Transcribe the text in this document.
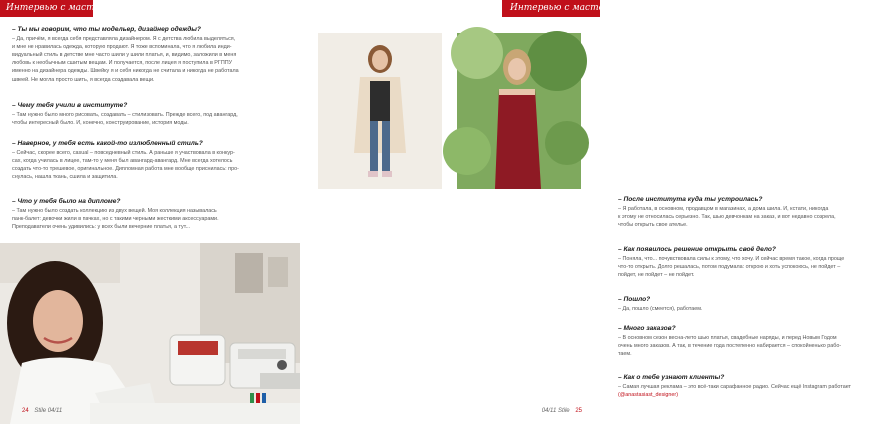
Интервью с мастером
– Ты мы говорим, что ты модельер, дизайнер одежды?
– Да, причём, я всегда себя представляла дизайнером. Я с детства любила выделяться,
и мне не нравилась одежда, которую продают. Я тоже вспоминала, что я любила инди-
видуальный стиль в детстве мне часто шили у шили платья, и, видимо, заложили в меня
любовь к необычным сшитым вещам. И получается, после лицея я поступила в РГППУ
именно на дизайнера одежды. Швейку я и себя никогда не считала и никогда не работала
швеей. Не могла просто шить, я всегда создавала вещи.
– Чему тебя учили в институте?
– Там нужно было много рисовать, создавать – стилизовать. Прежде всего, под авангард,
чтобы интересный было. И, конечно, конструирование, история моды.
– Наверное, у тебя есть какой-то излюбленный стиль?
– Сейчас, скорее всего, casual – повседневный стиль. А раньше я участвовала в конкур-
сах, когда училась в лицее, там-то у меня был авангард-авангард. Мне всегда хотелось
создать что-то трешевое, оригинальное. Дипломная работа мне вообще приснилась: про-
снулась, нашла ткань, сшила и защитила.
– Что у тебя было на дипломе?
– Там нужно было создать коллекцию из двух вещей. Моя коллекция называлась
панк-балет: девочки жили в пачках, но с такими черными жесткими аксессуарами.
Преподаватели очень удивились: у всех были вечерние платья, а тут...
24 Stile 04/11
Интервью с мастером
– После института куда ты устроилась?
– Я работала, в основном, продавцом в магазинах, а дома шила. И, кстати, никогда
к этому не относилась серьезно. Так, шью девчонкам на заказ, и вот недавно созрела,
чтобы открыть свое ателье.
– Как появилось решение открыть своё дело?
– Поняла, что... почувствовала силы к этому, что хочу. И сейчас время такое, когда проще
что-то открыть. Долго решалась, потом подумала: открою и хоть успокоюсь, не пойдет –
пойдет, не пойдет – не пойдет.
– Пошло?
– Да, пошло (смеется), работаем.
– Много заказов?
– В основном сезон весна-лето шью платья, свадебные наряды, и перед Новым Годом
очень много заказов. А так, в течение года постепенно набирается – спокойненько рабо-
таем.
– Как о тебе узнают клиенты?
– Самая лучшая реклама – это всё-таки сарафанное радио. Сейчас ещё Instagram работает
(@anastasiast_designer)
04/11 Stile 25
